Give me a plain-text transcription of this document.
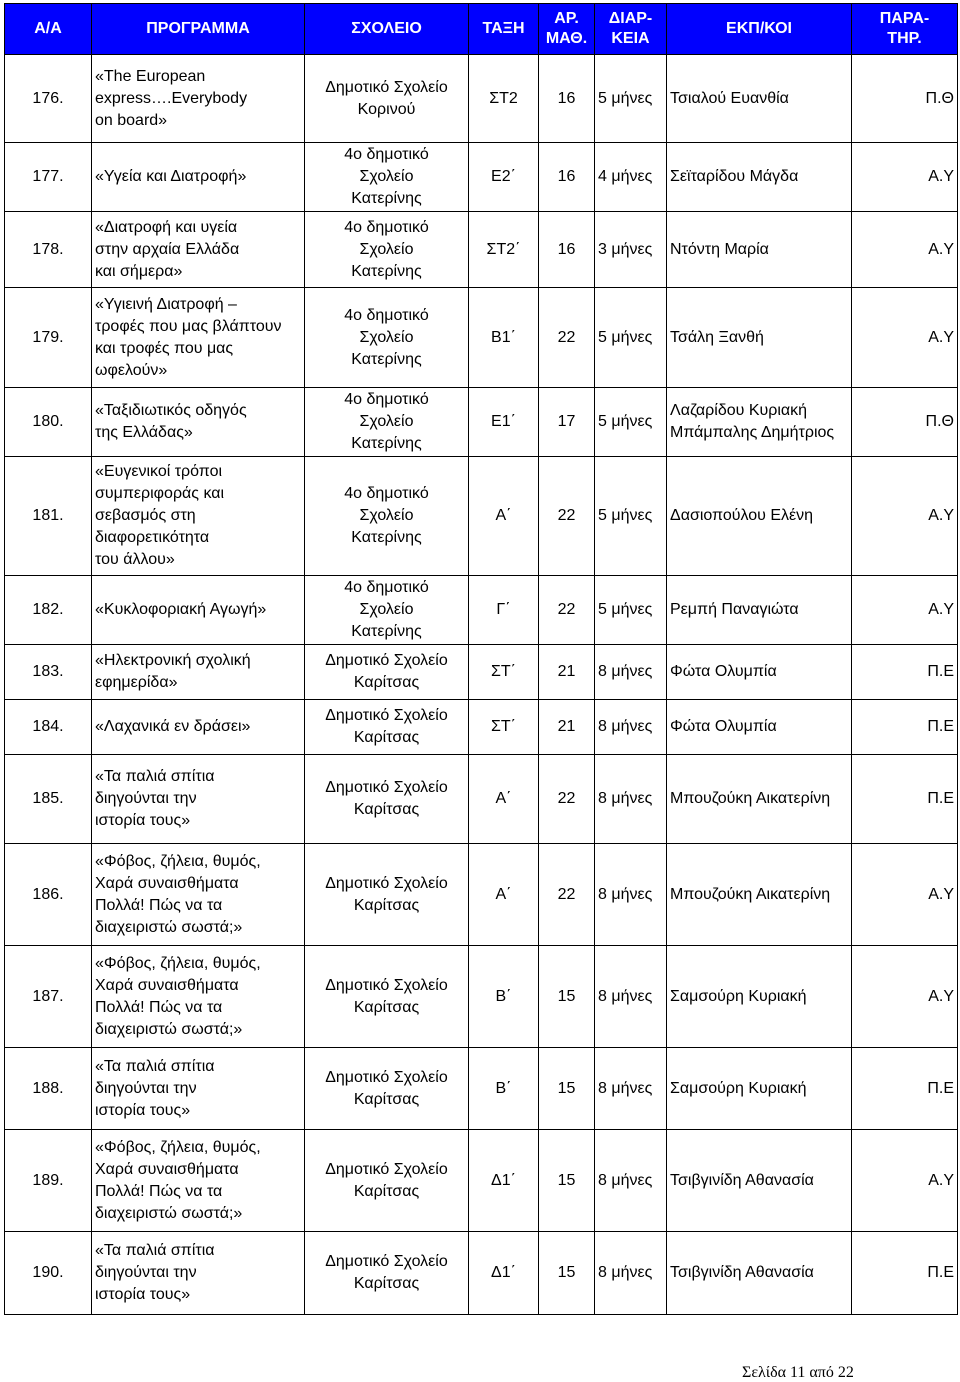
Α/Α	ΠΡΟΓΡΑΜΜΑ	ΣΧΟΛΕΙΟ	ΤΑΞΗ	ΑΡ.
ΜΑΘ.	ΔΙΑΡ-
ΚΕΙΑ	ΕΚΠ/ΚΟΙ	ΠΑΡΑ-
ΤΗΡ.

176.	«The European
express….Everybody
on board»	Δημοτικό Σχολείο
Κορινού	ΣΤ2	16	5 μήνες	Τσιαλού Ευανθία	Π.Θ
177.	«Υγεία και Διατροφή»	4ο δημοτικό
Σχολείο
Κατερίνης	Ε2΄	16	4 μήνες	Σεϊταρίδου Μάγδα	Α.Υ
178.	«Διατροφή και υγεία
στην αρχαία Ελλάδα
και σήμερα»	4ο δημοτικό
Σχολείο
Κατερίνης	ΣΤ2΄	16	3 μήνες	Ντόντη Μαρία	Α.Υ
179.	«Υγιεινή Διατροφή –
τροφές που μας βλάπτουν
και τροφές που μας
ωφελούν»	4ο δημοτικό
Σχολείο
Κατερίνης	Β1΄	22	5 μήνες	Τσάλη Ξανθή	Α.Υ
180.	«Ταξιδιωτικός οδηγός
της Ελλάδας»	4ο δημοτικό
Σχολείο
Κατερίνης	Ε1΄	17	5 μήνες	Λαζαρίδου Κυριακή
Μπάμπαλης Δημήτριος	Π.Θ
181.	«Ευγενικοί τρόποι
συμπεριφοράς και
σεβασμός στη
διαφορετικότητα
του άλλου»	4ο δημοτικό
Σχολείο
Κατερίνης	Α΄	22	5 μήνες	Δασιοπούλου Ελένη	Α.Υ
182.	«Κυκλοφοριακή Αγωγή»	4ο δημοτικό
Σχολείο
Κατερίνης	Γ΄	22	5 μήνες	Ρεμπή Παναγιώτα	Α.Υ
183.	«Ηλεκτρονική σχολική
εφημερίδα»	Δημοτικό Σχολείο
Καρίτσας	ΣΤ΄	21	8 μήνες	Φώτα Ολυμπία	Π.Ε
184.	«Λαχανικά εν δράσει»	Δημοτικό Σχολείο
Καρίτσας	ΣΤ΄	21	8 μήνες	Φώτα Ολυμπία	Π.Ε
185.	«Τα παλιά σπίτια
διηγούνται την
ιστορία τους»	Δημοτικό Σχολείο
Καρίτσας	Α΄	22	8 μήνες	Μπουζούκη Αικατερίνη	Π.Ε
186.	«Φόβος, ζήλεια, θυμός,
Χαρά συναισθήματα
Πολλά! Πώς να τα
διαχειριστώ σωστά;»	Δημοτικό Σχολείο
Καρίτσας	Α΄	22	8 μήνες	Μπουζούκη Αικατερίνη	Α.Υ
187.	«Φόβος, ζήλεια, θυμός,
Χαρά συναισθήματα
Πολλά! Πώς να τα
διαχειριστώ σωστά;»	Δημοτικό Σχολείο
Καρίτσας	Β΄	15	8 μήνες	Σαμσούρη Κυριακή	Α.Υ
188.	«Τα παλιά σπίτια
διηγούνται την
ιστορία τους»	Δημοτικό Σχολείο
Καρίτσας	Β΄	15	8 μήνες	Σαμσούρη Κυριακή	Π.Ε
189.	«Φόβος, ζήλεια, θυμός,
Χαρά συναισθήματα
Πολλά! Πώς να τα
διαχειριστώ σωστά;»	Δημοτικό Σχολείο
Καρίτσας	Δ1΄	15	8 μήνες	Τσιβγινίδη Αθανασία	Α.Υ
190.	«Τα παλιά σπίτια
διηγούνται την
ιστορία τους»	Δημοτικό Σχολείο
Καρίτσας	Δ1΄	15	8 μήνες	Τσιβγινίδη Αθανασία	Π.Ε
Σελίδα 11 από 22
